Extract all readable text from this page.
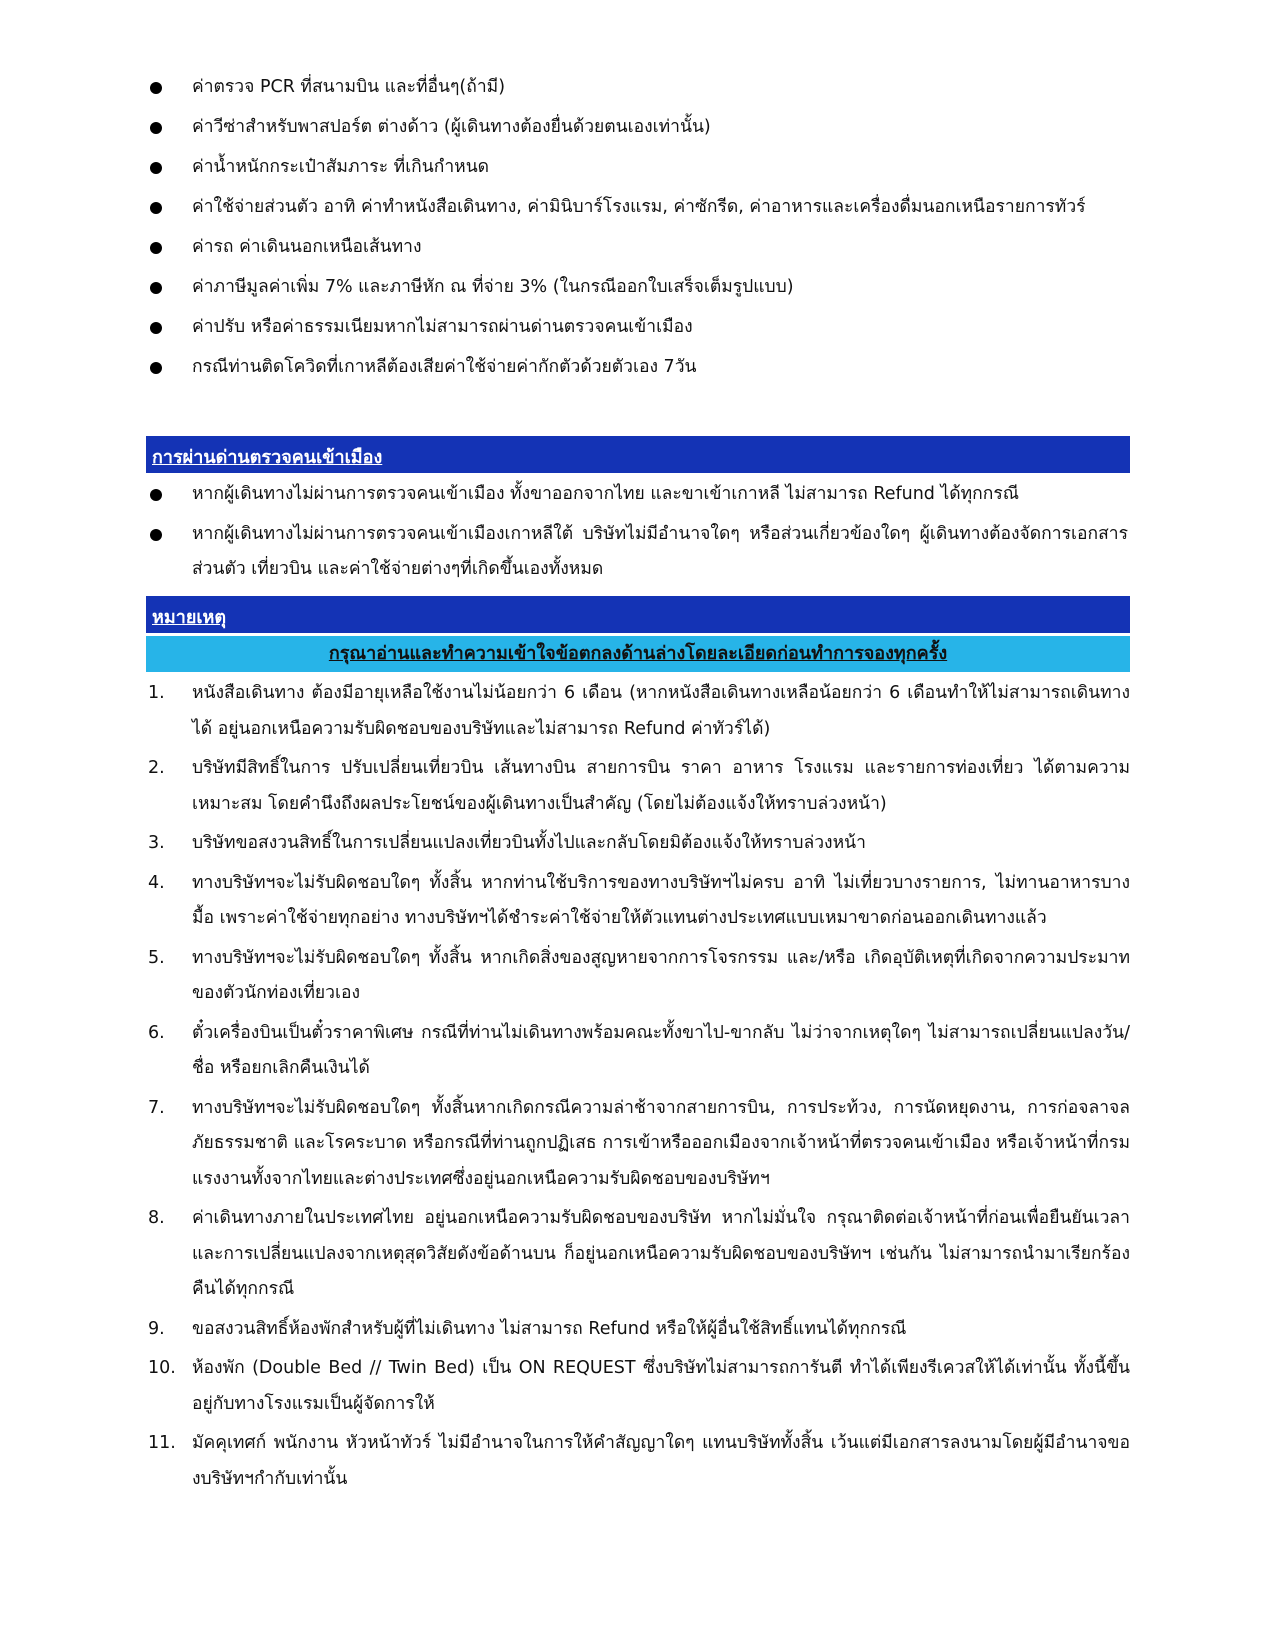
ค่าตรวจ PCR ที่สนามบิน และที่อื่นๆ(ถ้ามี)
ค่าวีซ่าสำหรับพาสปอร์ต ต่างด้าว (ผู้เดินทางต้องยื่นด้วยตนเองเท่านั้น)
ค่าน้ำหนักกระเป๋าสัมภาระ ที่เกินกำหนด
ค่าใช้จ่ายส่วนตัว อาทิ ค่าทำหนังสือเดินทาง, ค่ามินิบาร์โรงแรม, ค่าซักรีด, ค่าอาหารและเครื่องดื่มนอกเหนือรายการทัวร์
ค่ารถ ค่าเดินนอกเหนือเส้นทาง
ค่าภาษีมูลค่าเพิ่ม 7% และภาษีหัก ณ ที่จ่าย 3% (ในกรณีออกใบเสร็จเต็มรูปแบบ)
ค่าปรับ หรือค่าธรรมเนียมหากไม่สามารถผ่านด่านตรวจคนเข้าเมือง
กรณีท่านติดโควิดที่เกาหลีต้องเสียค่าใช้จ่ายค่ากักตัวด้วยตัวเอง 7วัน
การผ่านด่านตรวจคนเข้าเมือง
หากผู้เดินทางไม่ผ่านการตรวจคนเข้าเมือง ทั้งขาออกจากไทย และขาเข้าเกาหลี ไม่สามารถ Refund ได้ทุกกรณี
หากผู้เดินทางไม่ผ่านการตรวจคนเข้าเมืองเกาหลีใต้ บริษัทไม่มีอำนาจใดๆ หรือส่วนเกี่ยวข้องใดๆ ผู้เดินทางต้องจัดการเอกสารส่วนตัว เที่ยวบิน และค่าใช้จ่ายต่างๆที่เกิดขึ้นเองทั้งหมด
หมายเหตุ
กรุณาอ่านและทำความเข้าใจข้อตกลงด้านล่างโดยละเอียดก่อนทำการจองทุกครั้ง
1. หนังสือเดินทาง ต้องมีอายุเหลือใช้งานไม่น้อยกว่า 6 เดือน (หากหนังสือเดินทางเหลือน้อยกว่า 6 เดือนทำให้ไม่สามารถเดินทางได้ อยู่นอกเหนือความรับผิดชอบของบริษัทและไม่สามารถ Refund ค่าทัวร์ได้)
2. บริษัทมีสิทธิ์ในการ ปรับเปลี่ยนเที่ยวบิน เส้นทางบิน สายการบิน ราคา อาหาร โรงแรม และรายการท่องเที่ยว ได้ตามความเหมาะสม โดยคำนึงถึงผลประโยชน์ของผู้เดินทางเป็นสำคัญ (โดยไม่ต้องแจ้งให้ทราบล่วงหน้า)
3. บริษัทขอสงวนสิทธิ์ในการเปลี่ยนแปลงเที่ยวบินทั้งไปและกลับโดยมิต้องแจ้งให้ทราบล่วงหน้า
4. ทางบริษัทฯจะไม่รับผิดชอบใดๆ ทั้งสิ้น หากท่านใช้บริการของทางบริษัทฯไม่ครบ อาทิ ไม่เที่ยวบางรายการ, ไม่ทานอาหารบางมื้อ เพราะค่าใช้จ่ายทุกอย่าง ทางบริษัทฯได้ชำระค่าใช้จ่ายให้ตัวแทนต่างประเทศแบบเหมาขาดก่อนออกเดินทางแล้ว
5. ทางบริษัทฯจะไม่รับผิดชอบใดๆ ทั้งสิ้น หากเกิดสิ่งของสูญหายจากการโจรกรรม และ/หรือ เกิดอุบัติเหตุที่เกิดจากความประมาทของตัวนักท่องเที่ยวเอง
6. ตั๋วเครื่องบินเป็นตั๋วราคาพิเศษ กรณีที่ท่านไม่เดินทางพร้อมคณะทั้งขาไป-ขากลับ ไม่ว่าจากเหตุใดๆ ไม่สามารถเปลี่ยนแปลงวัน/ชื่อ หรือยกเลิกคืนเงินได้
7. ทางบริษัทฯจะไม่รับผิดชอบใดๆ ทั้งสิ้นหากเกิดกรณีความล่าช้าจากสายการบิน, การประท้วง, การนัดหยุดงาน, การก่อจลาจล ภัยธรรมชาติ และโรคระบาด หรือกรณีที่ท่านถูกปฏิเสธ การเข้าหรือออกเมืองจากเจ้าหน้าที่ตรวจคนเข้าเมือง หรือเจ้าหน้าที่กรมแรงงานทั้งจากไทยและต่างประเทศซึ่งอยู่นอกเหนือความรับผิดชอบของบริษัทฯ
8. ค่าเดินทางภายในประเทศไทย อยู่นอกเหนือความรับผิดชอบของบริษัท หากไม่มั่นใจ กรุณาติดต่อเจ้าหน้าที่ก่อนเพื่อยืนยันเวลา และการเปลี่ยนแปลงจากเหตุสุดวิสัยดังข้อด้านบน ก็อยู่นอกเหนือความรับผิดชอบของบริษัทฯ เช่นกัน ไม่สามารถนำมาเรียกร้องคืนได้ทุกกรณี
9. ขอสงวนสิทธิ์ห้องพักสำหรับผู้ที่ไม่เดินทาง ไม่สามารถ Refund หรือให้ผู้อื่นใช้สิทธิ์แทนได้ทุกกรณี
10. ห้องพัก (Double Bed // Twin Bed) เป็น ON REQUEST ซึ่งบริษัทไม่สามารถการันตี ทำได้เพียงรีเควสให้ได้เท่านั้น ทั้งนี้ขึ้นอยู่กับทางโรงแรมเป็นผู้จัดการให้
11. มัคคุเทศก์ พนักงาน หัวหน้าทัวร์ ไม่มีอำนาจในการให้คำสัญญาใดๆ แทนบริษัททั้งสิ้น เว้นแต่มีเอกสารลงนามโดยผู้มีอำนาจของบริษัทฯกำกับเท่านั้น
